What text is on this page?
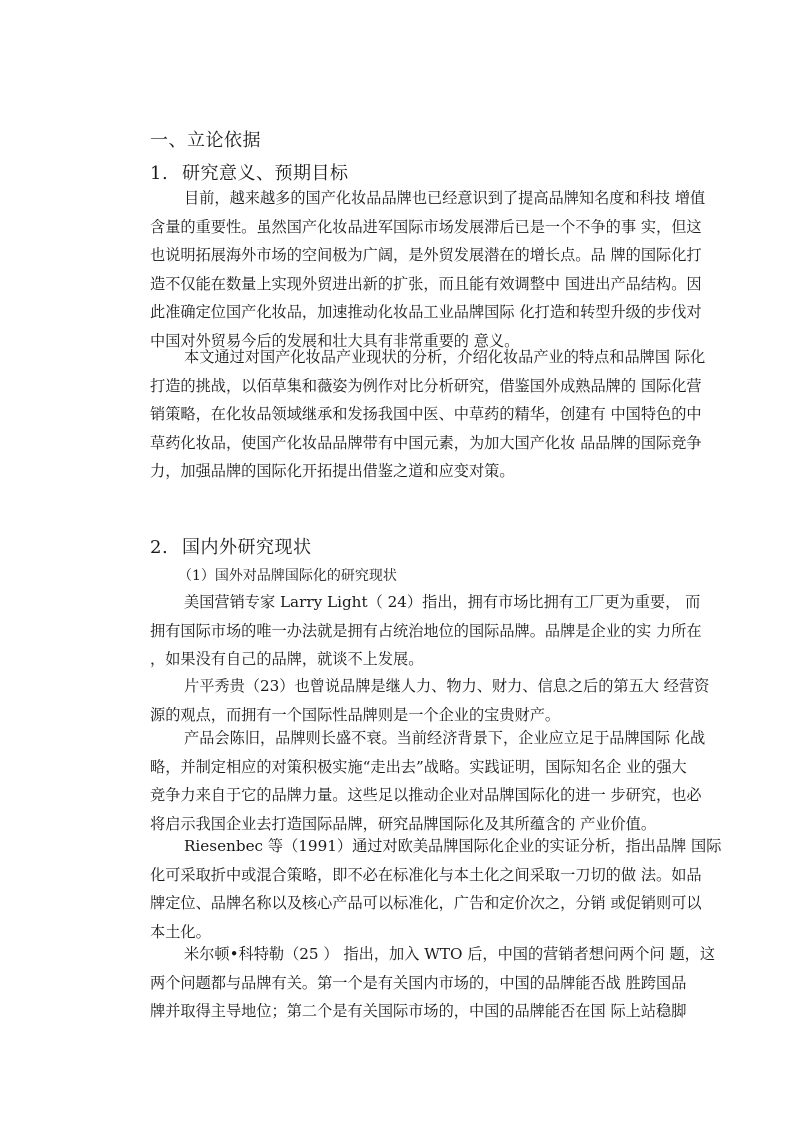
一、立论依据
1. 研究意义、预期目标
目前，越来越多的国产化妆品品牌也已经意识到了提高品牌知名度和科技 增值
含量的重要性。虽然国产化妆品进军国际市场发展滞后已是一个不争的事 实，但这
也说明拓展海外市场的空间极为广阔，是外贸发展潜在的增长点。品 牌的国际化打
造不仅能在数量上实现外贸进出新的扩张，而且能有效调整中 国进出产品结构。因
此准确定位国产化妆品，加速推动化妆品工业品牌国际 化打造和转型升级的步伐对
中国对外贸易今后的发展和壮大具有非常重要的 意义。
本文通过对国产化妆品产业现状的分析，介绍化妆品产业的特点和品牌国 际化
打造的挑战，以佰草集和薇姿为例作对比分析研究，借鉴国外成熟品牌的 国际化营
销策略，在化妆品领域继承和发扬我国中医、中草药的精华，创建有 中国特色的中
草药化妆品，使国产化妆品品牌带有中国元素，为加大国产化妆 品品牌的国际竞争
力，加强品牌的国际化开拓提出借鉴之道和应变对策。
2. 国内外研究现状
（1）国外对品牌国际化的研究现状
美国营销专家 Larry Light（ 24）指出，拥有市场比拥有工厂更为重要， 而
拥有国际市场的唯一办法就是拥有占统治地位的国际品牌。品牌是企业的实 力所在
，如果没有自己的品牌，就谈不上发展。
片平秀贵（23）也曾说品牌是继人力、物力、财力、信息之后的第五大 经营资
源的观点，而拥有一个国际性品牌则是一个企业的宝贵财产。
产品会陈旧，品牌则长盛不衰。当前经济背景下，企业应立足于品牌国际 化战
略，并制定相应的对策积极实施“走出去”战略。实践证明，国际知名企 业的强大
竞争力来自于它的品牌力量。这些足以推动企业对品牌国际化的进一 步研究，也必
将启示我国企业去打造国际品牌，研究品牌国际化及其所蕴含的 产业价值。
Riesenbec 等（1991）通过对欧美品牌国际化企业的实证分析，指出品牌 国际
化可采取折中或混合策略，即不必在标准化与本土化之间采取一刀切的做 法。如品
牌定位、品牌名称以及核心产品可以标准化，广告和定价次之，分销 或促销则可以
本土化。
米尔顿•科特勒（25 ） 指出，加入 WTO 后，中国的营销者想问两个问 题，这
两个问题都与品牌有关。第一个是有关国内市场的，中国的品牌能否战 胜跨国品
牌并取得主导地位；第二个是有关国际市场的，中国的品牌能否在国 际上站稳脚
